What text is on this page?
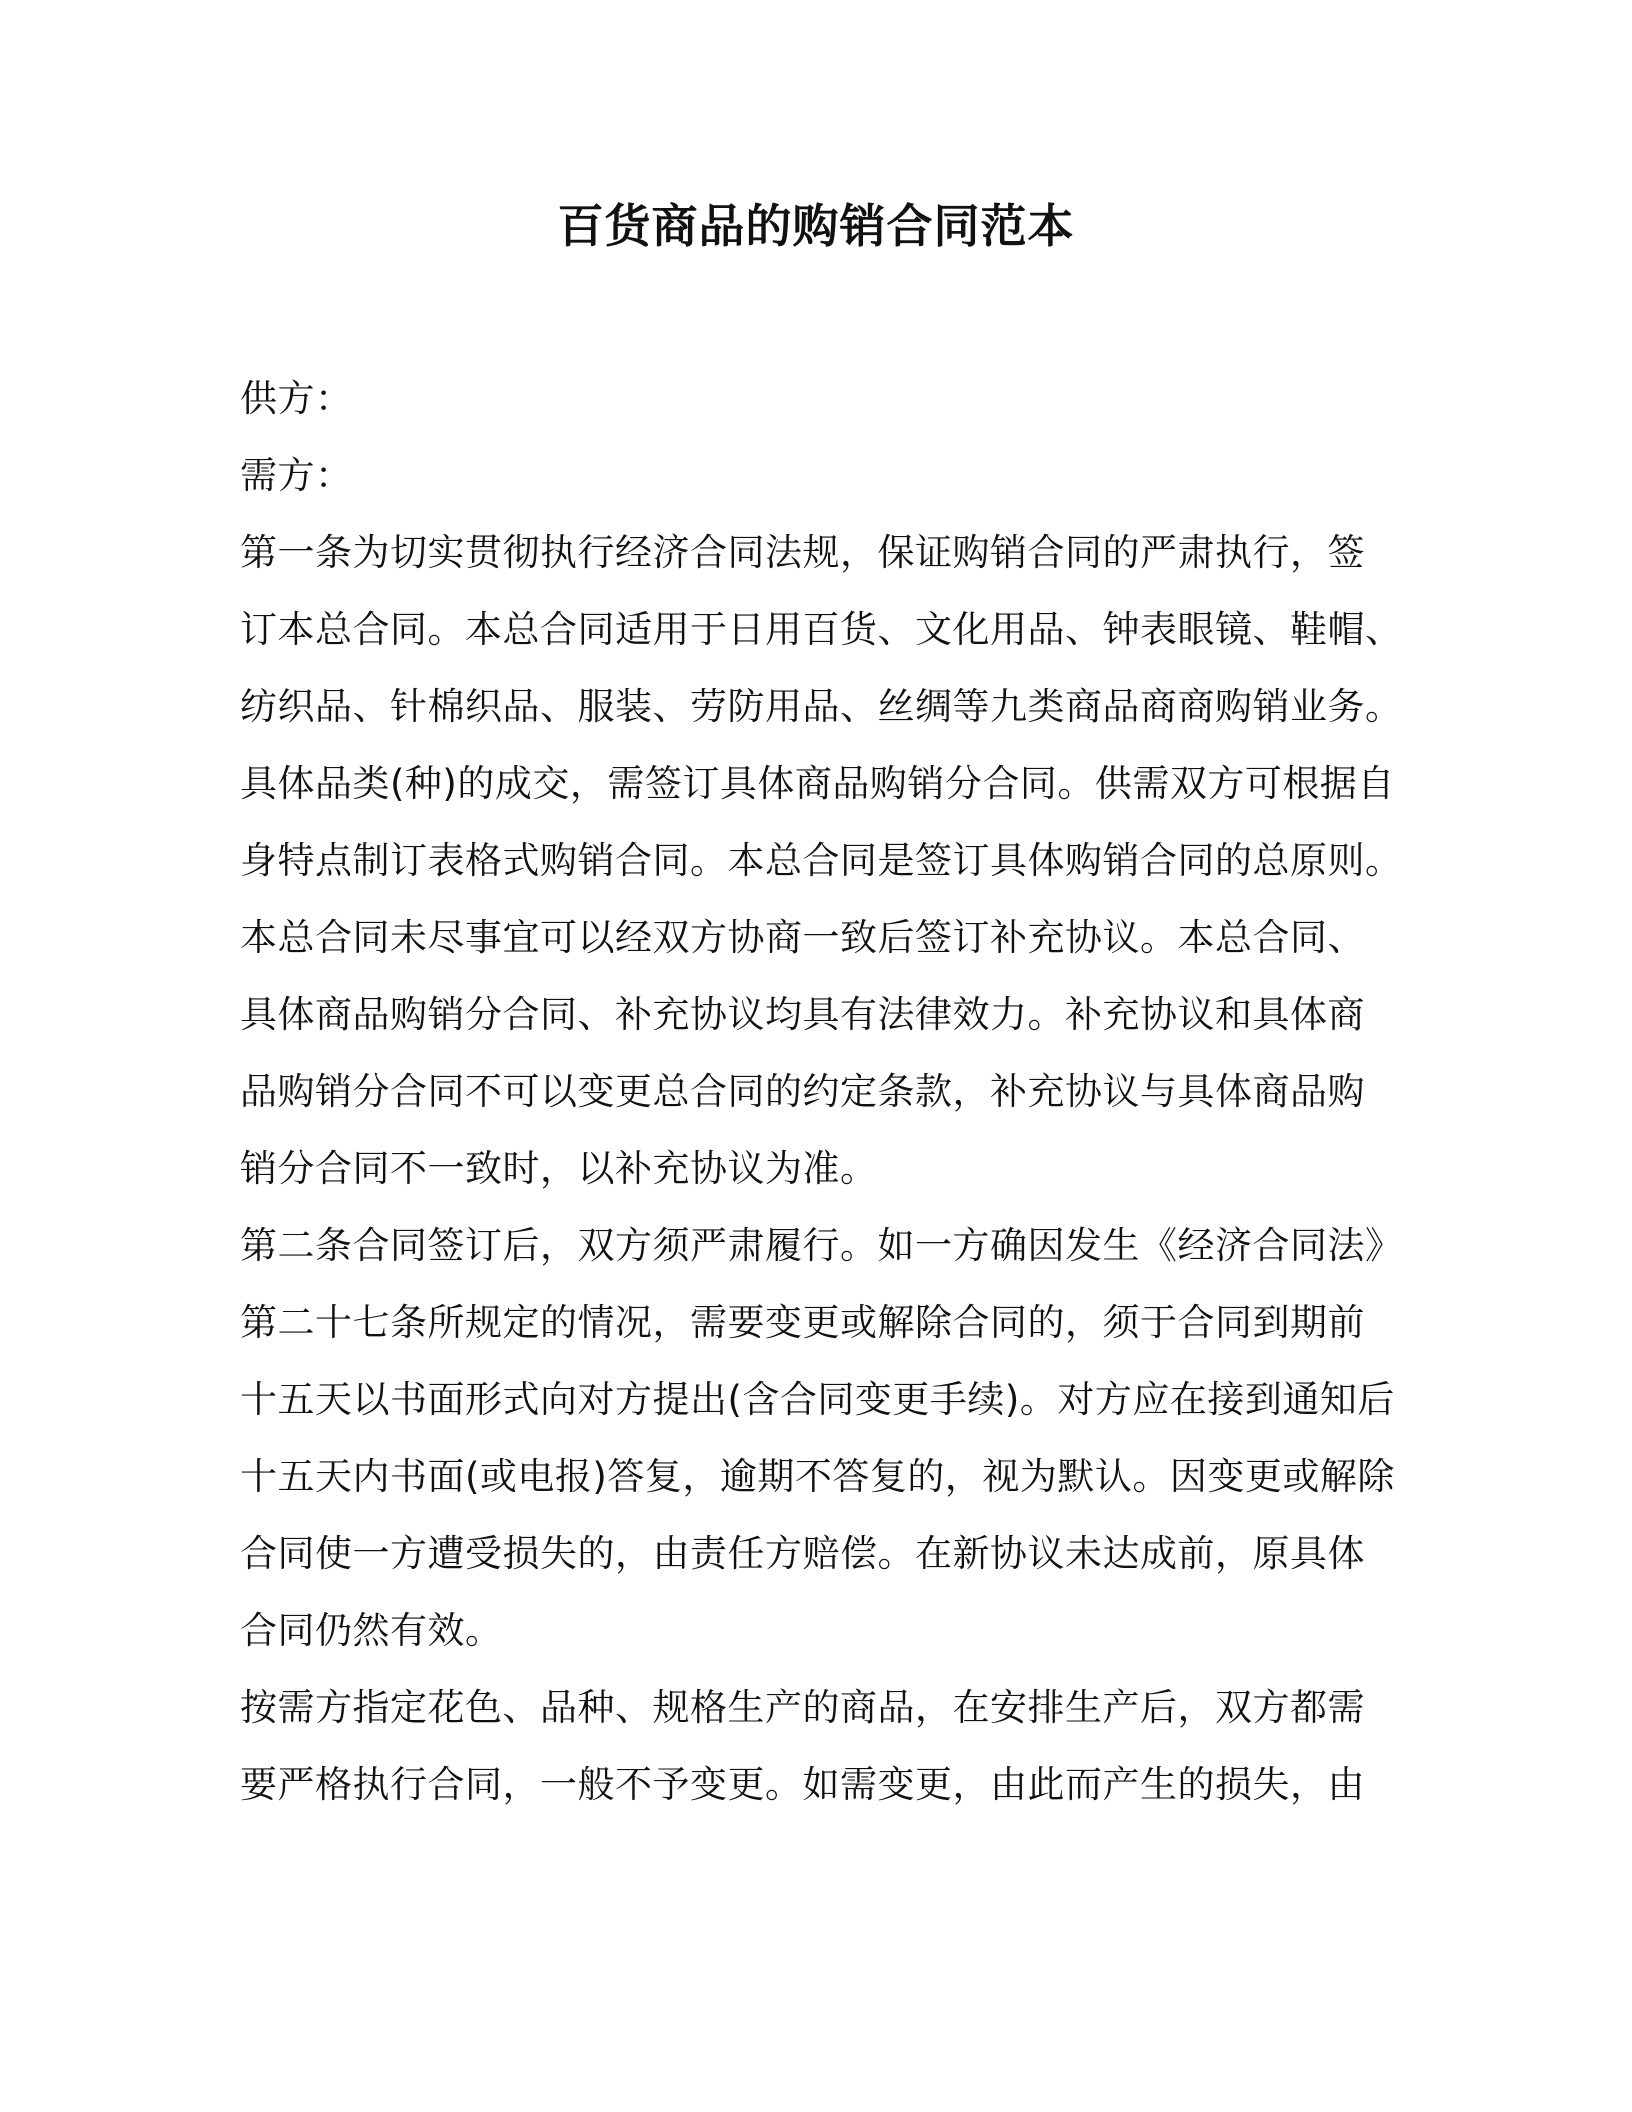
百货商品的购销合同范本
供方：
需方：
第一条为切实贯彻执行经济合同法规，保证购销合同的严肃执行，签
订本总合同。本总合同适用于日用百货、文化用品、钟表眼镜、鞋帽、
纺织品、针棉织品、服装、劳防用品、丝绸等九类商品商商购销业务。
具体品类(种)的成交，需签订具体商品购销分合同。供需双方可根据自
身特点制订表格式购销合同。本总合同是签订具体购销合同的总原则。
本总合同未尽事宜可以经双方协商一致后签订补充协议。本总合同、
具体商品购销分合同、补充协议均具有法律效力。补充协议和具体商
品购销分合同不可以变更总合同的约定条款，补充协议与具体商品购
销分合同不一致时，以补充协议为准。
第二条合同签订后，双方须严肃履行。如一方确因发生《经济合同法》
第二十七条所规定的情况，需要变更或解除合同的，须于合同到期前
十五天以书面形式向对方提出(含合同变更手续)。对方应在接到通知后
十五天内书面(或电报)答复，逾期不答复的，视为默认。因变更或解除
合同使一方遭受损失的，由责任方赔偿。在新协议未达成前，原具体
合同仍然有效。
按需方指定花色、品种、规格生产的商品，在安排生产后，双方都需
要严格执行合同，一般不予变更。如需变更，由此而产生的损失，由
